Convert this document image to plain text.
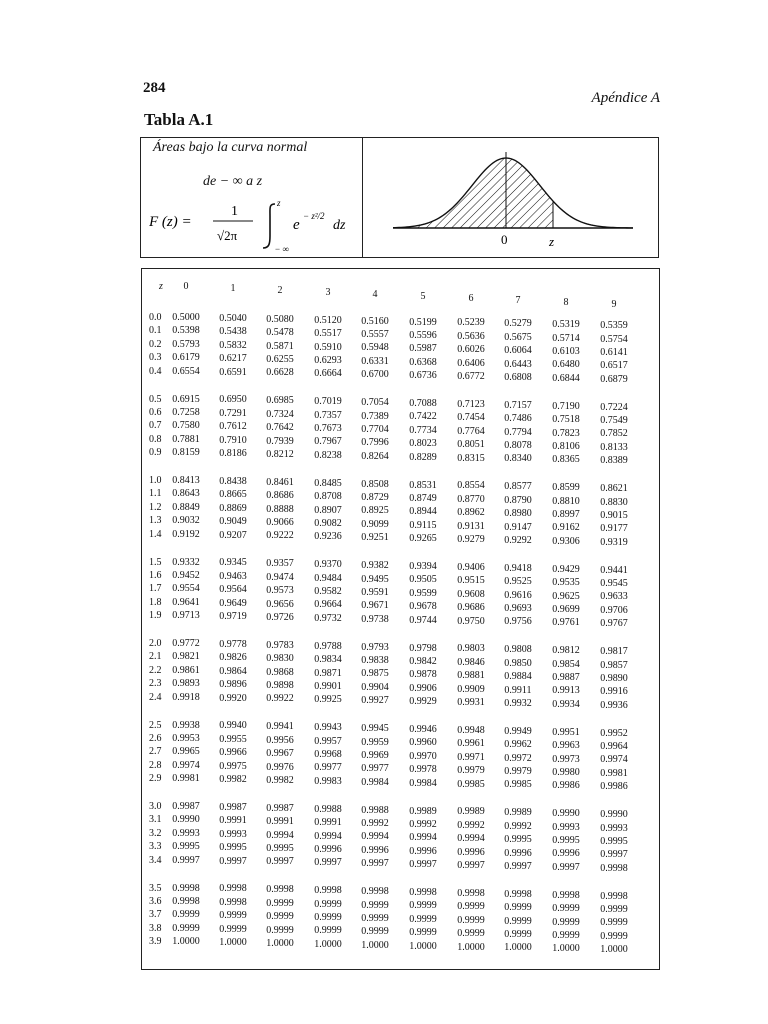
284
Apéndice A
Tabla A.1
Áreas bajo la curva normal
de − ∞ a z
F (z) =
1
√2π
z
− ∞
e
− z²/2
dz
0	z
z	0	1	2	3	4	5	6	7	8	9
0.0	0.5000	0.5040	0.5080	0.5120	0.5160	0.5199	0.5239	0.5279	0.5319	0.5359
0.1	0.5398	0.5438	0.5478	0.5517	0.5557	0.5596	0.5636	0.5675	0.5714	0.5754
0.2	0.5793	0.5832	0.5871	0.5910	0.5948	0.5987	0.6026	0.6064	0.6103	0.6141
0.3	0.6179	0.6217	0.6255	0.6293	0.6331	0.6368	0.6406	0.6443	0.6480	0.6517
0.4	0.6554	0.6591	0.6628	0.6664	0.6700	0.6736	0.6772	0.6808	0.6844	0.6879
0.5	0.6915	0.6950	0.6985	0.7019	0.7054	0.7088	0.7123	0.7157	0.7190	0.7224
0.6	0.7258	0.7291	0.7324	0.7357	0.7389	0.7422	0.7454	0.7486	0.7518	0.7549
0.7	0.7580	0.7612	0.7642	0.7673	0.7704	0.7734	0.7764	0.7794	0.7823	0.7852
0.8	0.7881	0.7910	0.7939	0.7967	0.7996	0.8023	0.8051	0.8078	0.8106	0.8133
0.9	0.8159	0.8186	0.8212	0.8238	0.8264	0.8289	0.8315	0.8340	0.8365	0.8389
1.0	0.8413	0.8438	0.8461	0.8485	0.8508	0.8531	0.8554	0.8577	0.8599	0.8621
1.1	0.8643	0.8665	0.8686	0.8708	0.8729	0.8749	0.8770	0.8790	0.8810	0.8830
1.2	0.8849	0.8869	0.8888	0.8907	0.8925	0.8944	0.8962	0.8980	0.8997	0.9015
1.3	0.9032	0.9049	0.9066	0.9082	0.9099	0.9115	0.9131	0.9147	0.9162	0.9177
1.4	0.9192	0.9207	0.9222	0.9236	0.9251	0.9265	0.9279	0.9292	0.9306	0.9319
1.5	0.9332	0.9345	0.9357	0.9370	0.9382	0.9394	0.9406	0.9418	0.9429	0.9441
1.6	0.9452	0.9463	0.9474	0.9484	0.9495	0.9505	0.9515	0.9525	0.9535	0.9545
1.7	0.9554	0.9564	0.9573	0.9582	0.9591	0.9599	0.9608	0.9616	0.9625	0.9633
1.8	0.9641	0.9649	0.9656	0.9664	0.9671	0.9678	0.9686	0.9693	0.9699	0.9706
1.9	0.9713	0.9719	0.9726	0.9732	0.9738	0.9744	0.9750	0.9756	0.9761	0.9767
2.0	0.9772	0.9778	0.9783	0.9788	0.9793	0.9798	0.9803	0.9808	0.9812	0.9817
2.1	0.9821	0.9826	0.9830	0.9834	0.9838	0.9842	0.9846	0.9850	0.9854	0.9857
2.2	0.9861	0.9864	0.9868	0.9871	0.9875	0.9878	0.9881	0.9884	0.9887	0.9890
2.3	0.9893	0.9896	0.9898	0.9901	0.9904	0.9906	0.9909	0.9911	0.9913	0.9916
2.4	0.9918	0.9920	0.9922	0.9925	0.9927	0.9929	0.9931	0.9932	0.9934	0.9936
2.5	0.9938	0.9940	0.9941	0.9943	0.9945	0.9946	0.9948	0.9949	0.9951	0.9952
2.6	0.9953	0.9955	0.9956	0.9957	0.9959	0.9960	0.9961	0.9962	0.9963	0.9964
2.7	0.9965	0.9966	0.9967	0.9968	0.9969	0.9970	0.9971	0.9972	0.9973	0.9974
2.8	0.9974	0.9975	0.9976	0.9977	0.9977	0.9978	0.9979	0.9979	0.9980	0.9981
2.9	0.9981	0.9982	0.9982	0.9983	0.9984	0.9984	0.9985	0.9985	0.9986	0.9986
3.0	0.9987	0.9987	0.9987	0.9988	0.9988	0.9989	0.9989	0.9989	0.9990	0.9990
3.1	0.9990	0.9991	0.9991	0.9991	0.9992	0.9992	0.9992	0.9992	0.9993	0.9993
3.2	0.9993	0.9993	0.9994	0.9994	0.9994	0.9994	0.9994	0.9995	0.9995	0.9995
3.3	0.9995	0.9995	0.9995	0.9996	0.9996	0.9996	0.9996	0.9996	0.9996	0.9997
3.4	0.9997	0.9997	0.9997	0.9997	0.9997	0.9997	0.9997	0.9997	0.9997	0.9998
3.5	0.9998	0.9998	0.9998	0.9998	0.9998	0.9998	0.9998	0.9998	0.9998	0.9998
3.6	0.9998	0.9998	0.9999	0.9999	0.9999	0.9999	0.9999	0.9999	0.9999	0.9999
3.7	0.9999	0.9999	0.9999	0.9999	0.9999	0.9999	0.9999	0.9999	0.9999	0.9999
3.8	0.9999	0.9999	0.9999	0.9999	0.9999	0.9999	0.9999	0.9999	0.9999	0.9999
3.9	1.0000	1.0000	1.0000	1.0000	1.0000	1.0000	1.0000	1.0000	1.0000	1.0000
